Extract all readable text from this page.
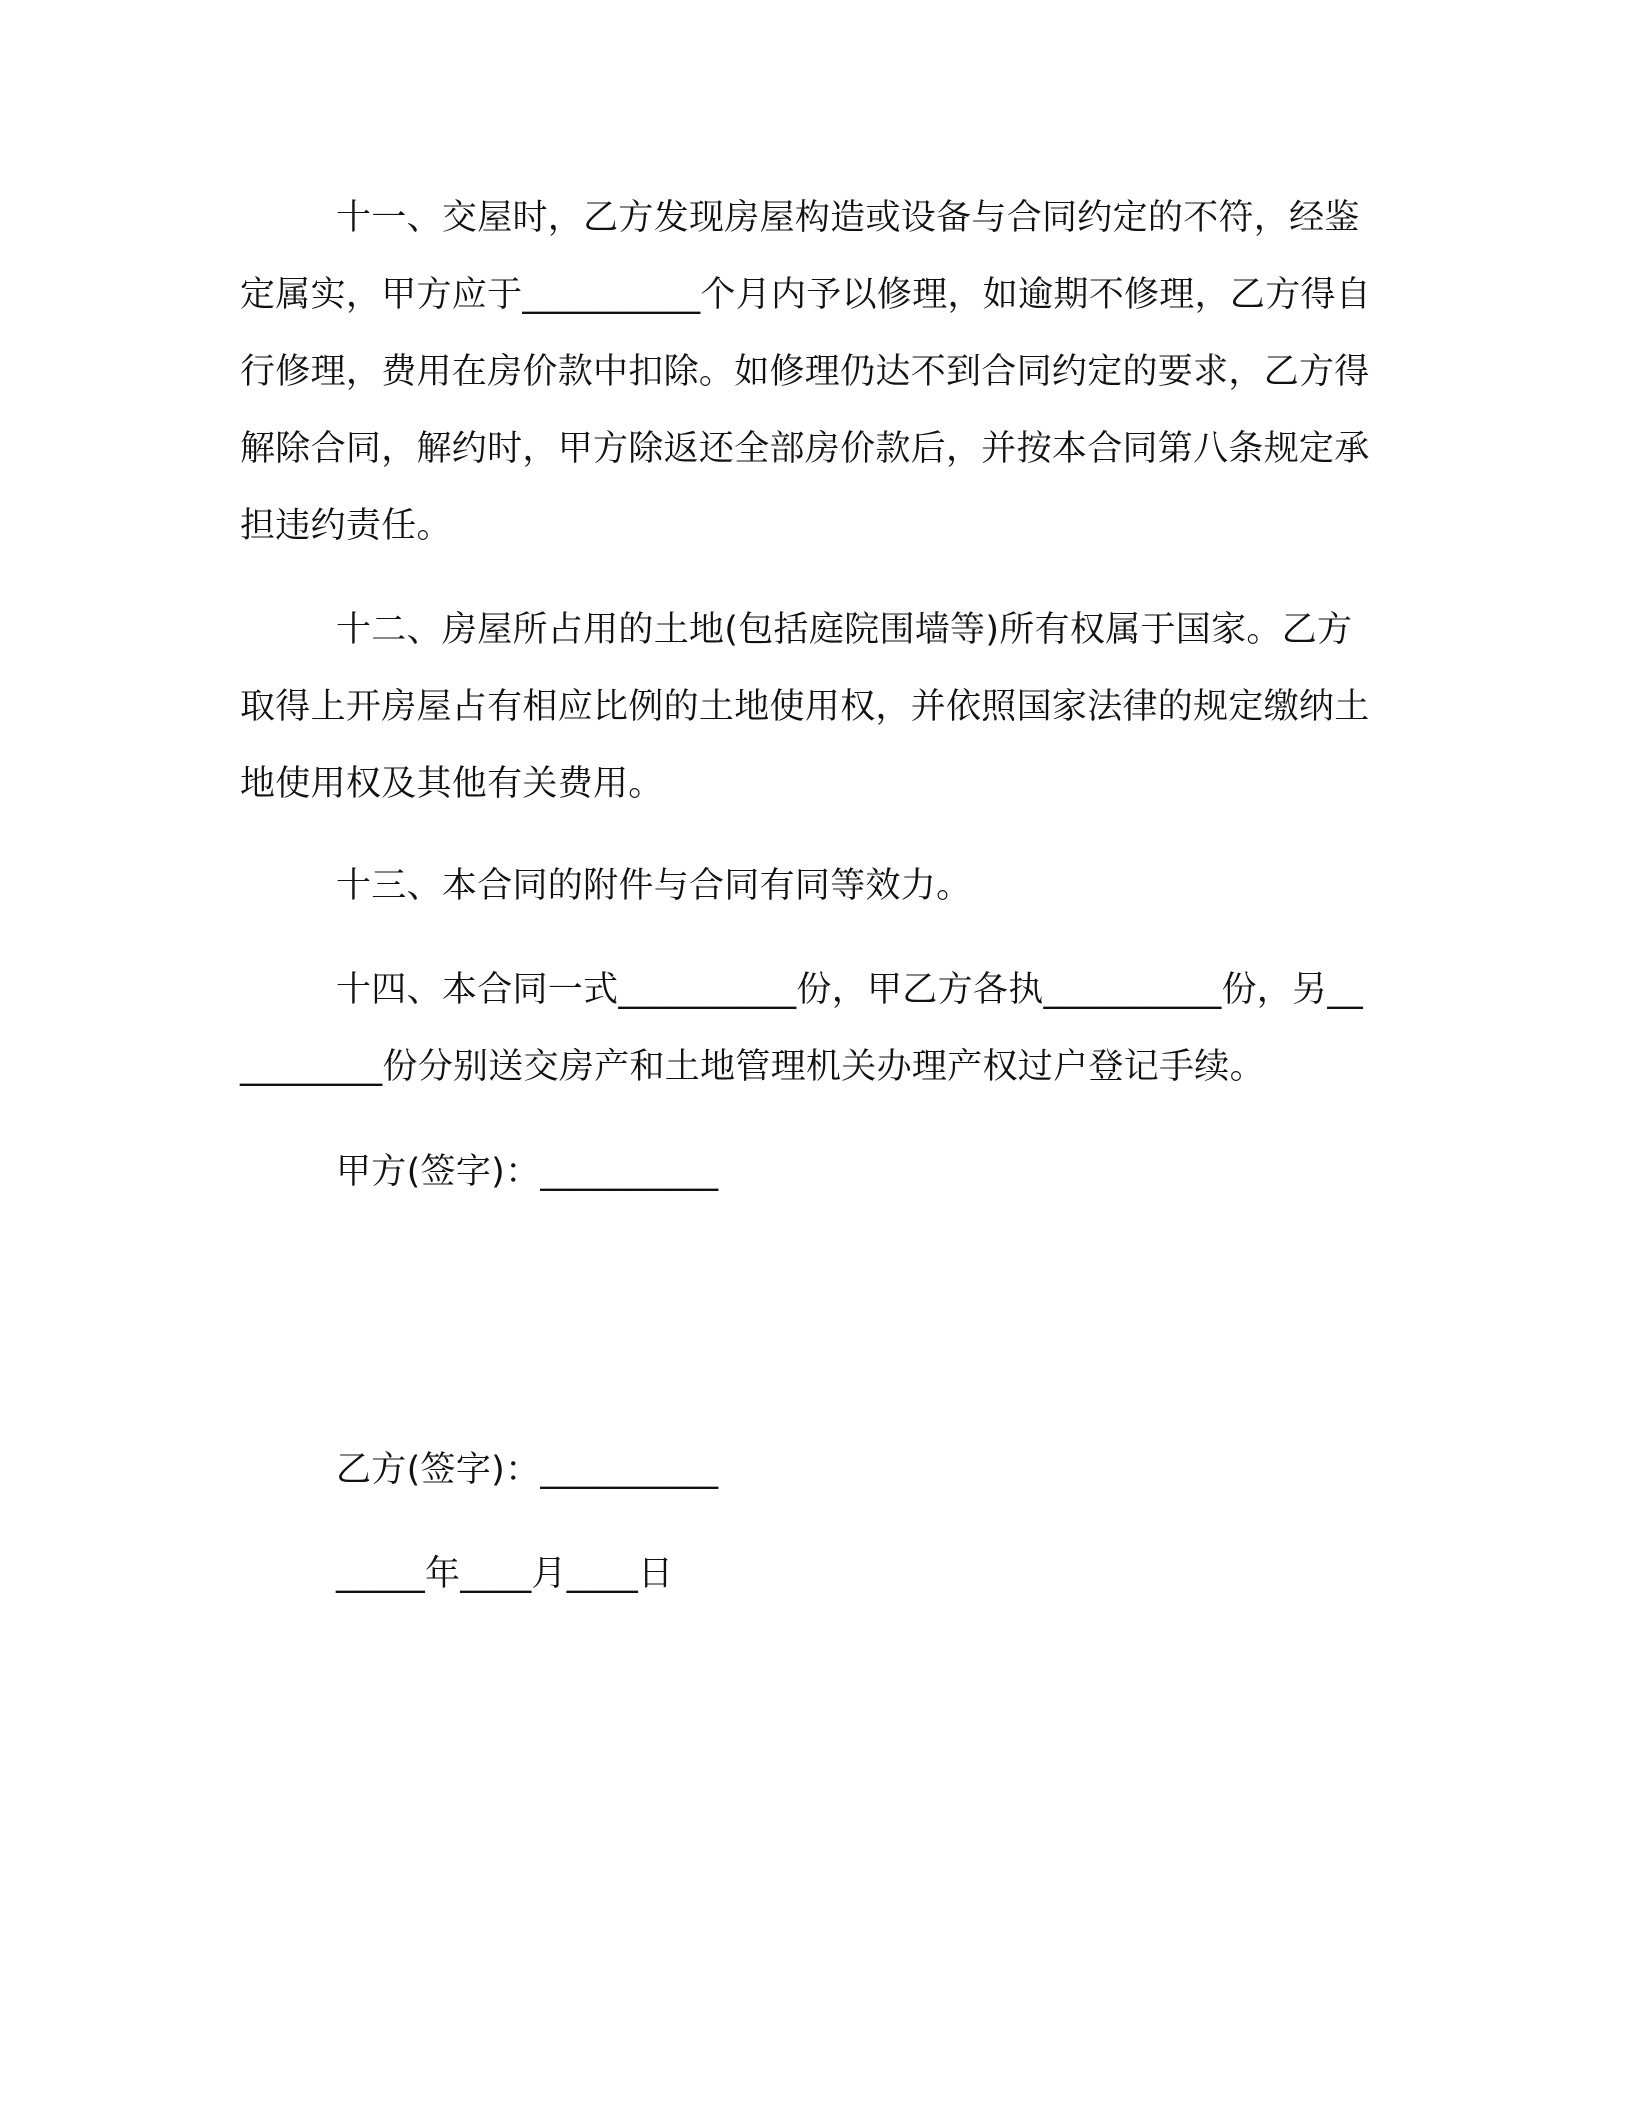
十一、交屋时，乙方发现房屋构造或设备与合同约定的不符，经鉴定属实，甲方应于__________个月内予以修理，如逾期不修理，乙方得自行修理，费用在房价款中扣除。如修理仍达不到合同约定的要求，乙方得解除合同，解约时，甲方除返还全部房价款后，并按本合同第八条规定承担违约责任。

十二、房屋所占用的土地(包括庭院围墙等)所有权属于国家。乙方取得上开房屋占有相应比例的土地使用权，并依照国家法律的规定缴纳土地使用权及其他有关费用。

十三、本合同的附件与合同有同等效力。

十四、本合同一式__________份，甲乙方各执__________份，另__________份分别送交房产和土地管理机关办理产权过户登记手续。

甲方(签字)：__________

乙方(签字)：__________

_____年____月____日
